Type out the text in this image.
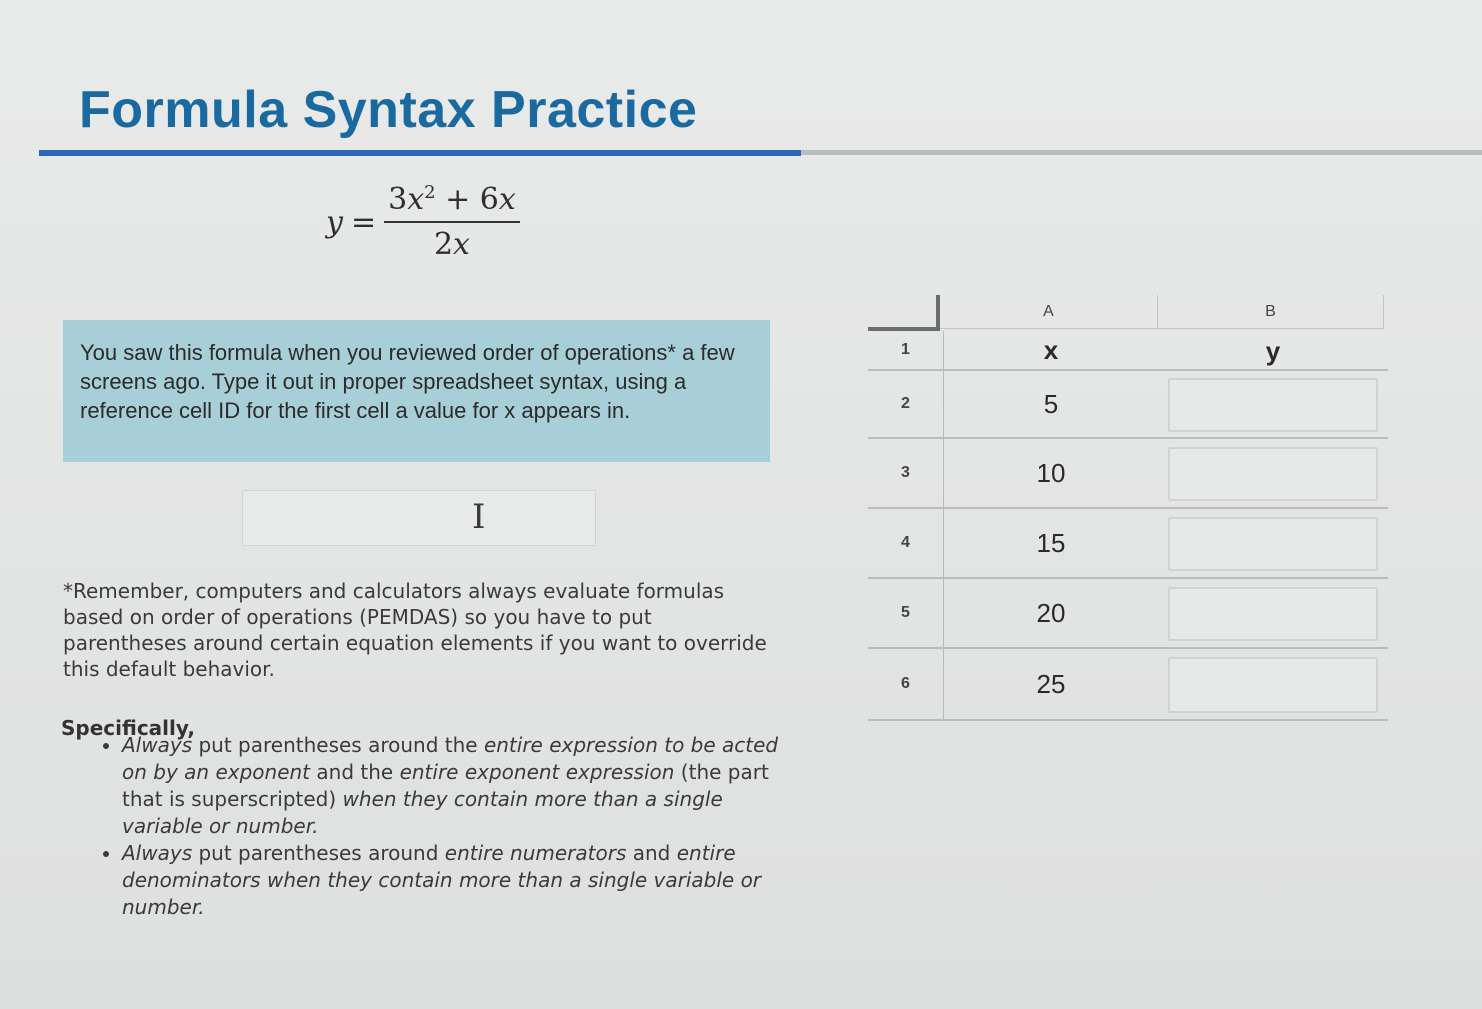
Formula Syntax Practice
$y = \frac{3x^2 + 6x}{2x}$
You saw this formula when you reviewed order of operations* a few screens ago. Type it out in proper spreadsheet syntax, using a reference cell ID for the first cell a value for x appears in.
I
*Remember, computers and calculators always evaluate formulas based on order of operations (PEMDAS) so you have to put parentheses around certain equation elements if you want to override this default behavior.
Specifically,
• Always put parentheses around the entire expression to be acted on by an exponent and the entire exponent expression (the part that is superscripted) when they contain more than a single variable or number.
• Always put parentheses around entire numerators and entire denominators when they contain more than a single variable or number.
A	B
1	x	y
2	5
3	10
4	15
5	20
6	25
